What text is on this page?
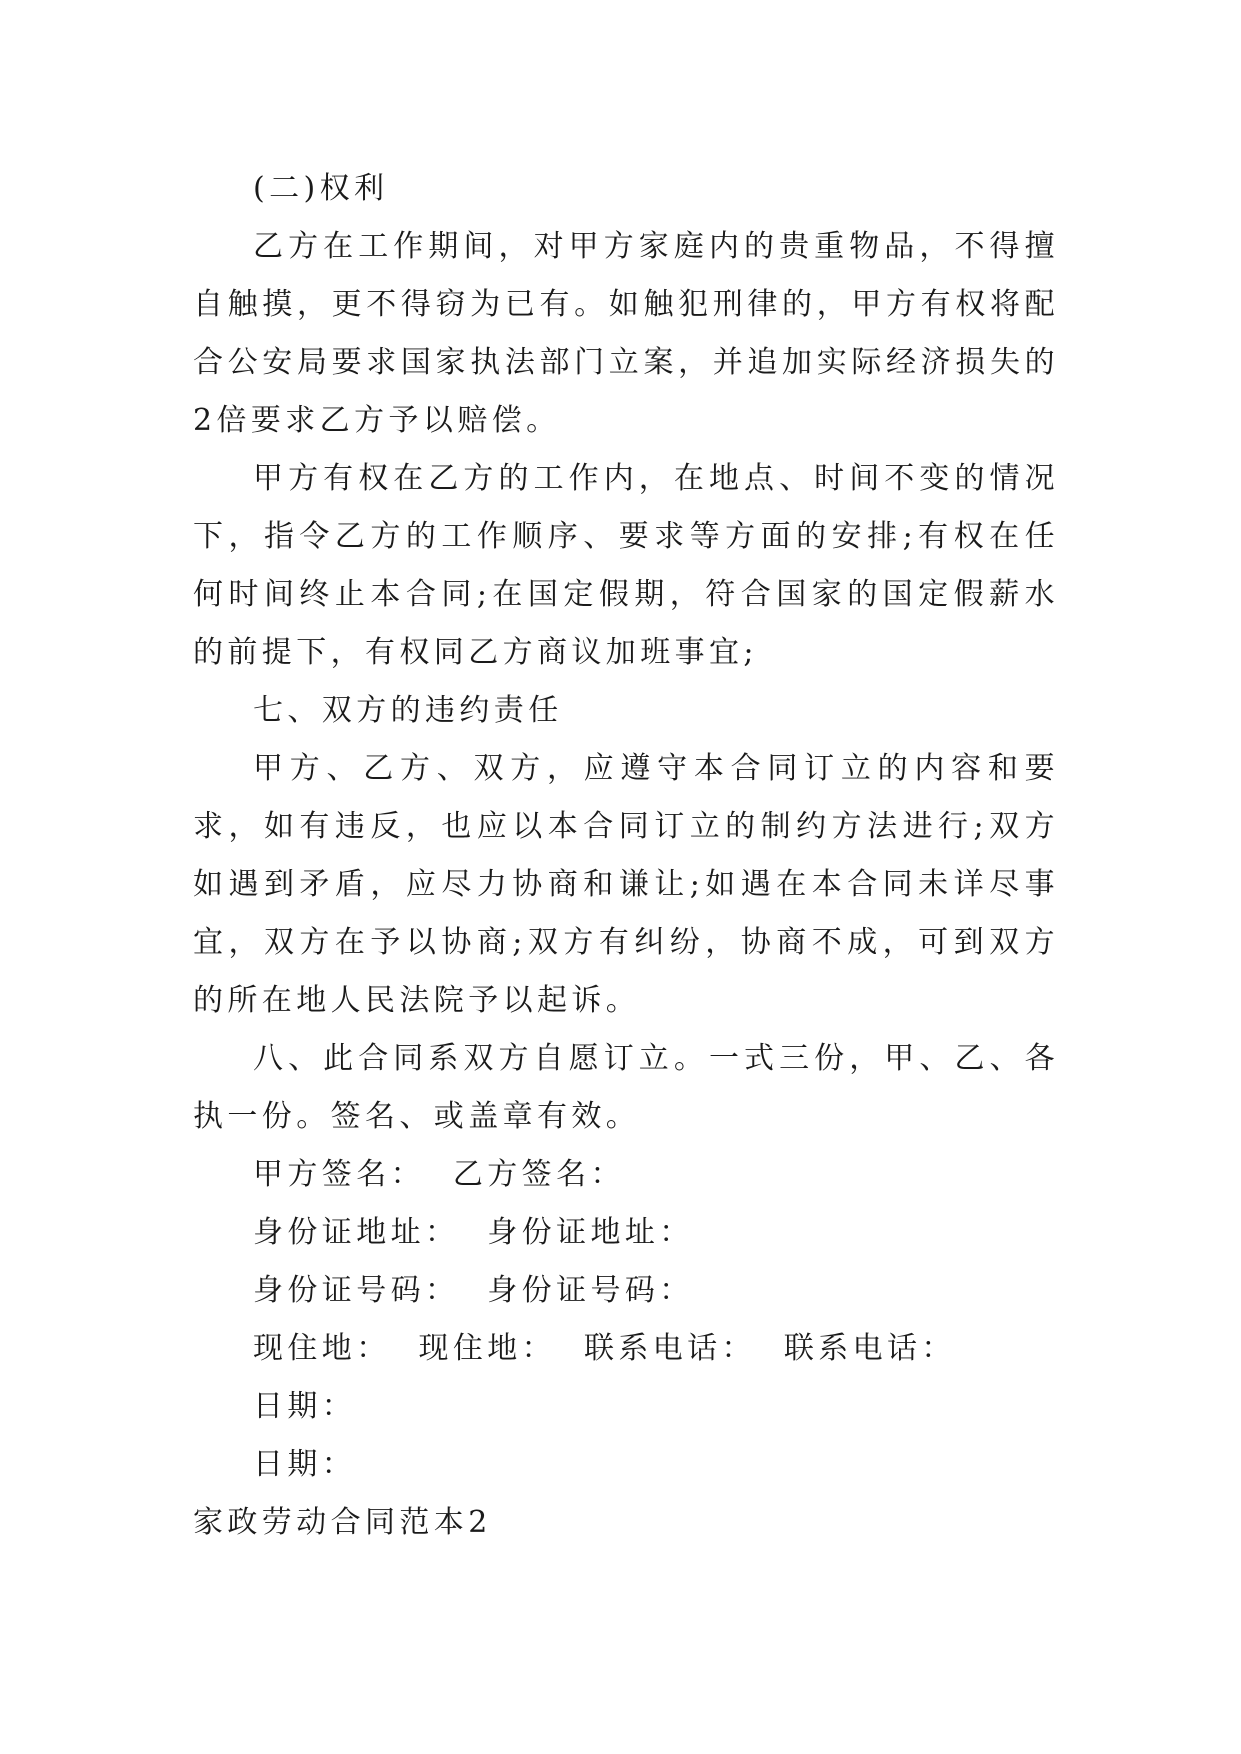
(二)权利

乙方在工作期间，对甲方家庭内的贵重物品，不得擅自触摸，更不得窃为已有。如触犯刑律的，甲方有权将配合公安局要求国家执法部门立案，并追加实际经济损失的2倍要求乙方予以赔偿。

甲方有权在乙方的工作内，在地点、时间不变的情况下，指令乙方的工作顺序、要求等方面的安排;有权在任何时间终止本合同;在国定假期，符合国家的国定假薪水的前提下，有权同乙方商议加班事宜;

七、双方的违约责任

甲方、乙方、双方，应遵守本合同订立的内容和要求，如有违反，也应以本合同订立的制约方法进行;双方如遇到矛盾，应尽力协商和谦让;如遇在本合同未详尽事宜，双方在予以协商;双方有纠纷，协商不成，可到双方的所在地人民法院予以起诉。

八、此合同系双方自愿订立。一式三份，甲、乙、各执一份。签名、或盖章有效。

甲方签名：  乙方签名：

身份证地址：  身份证地址：

身份证号码：  身份证号码：

现住地：  现住地：  联系电话：  联系电话：

日期：

日期：

家政劳动合同范本2
